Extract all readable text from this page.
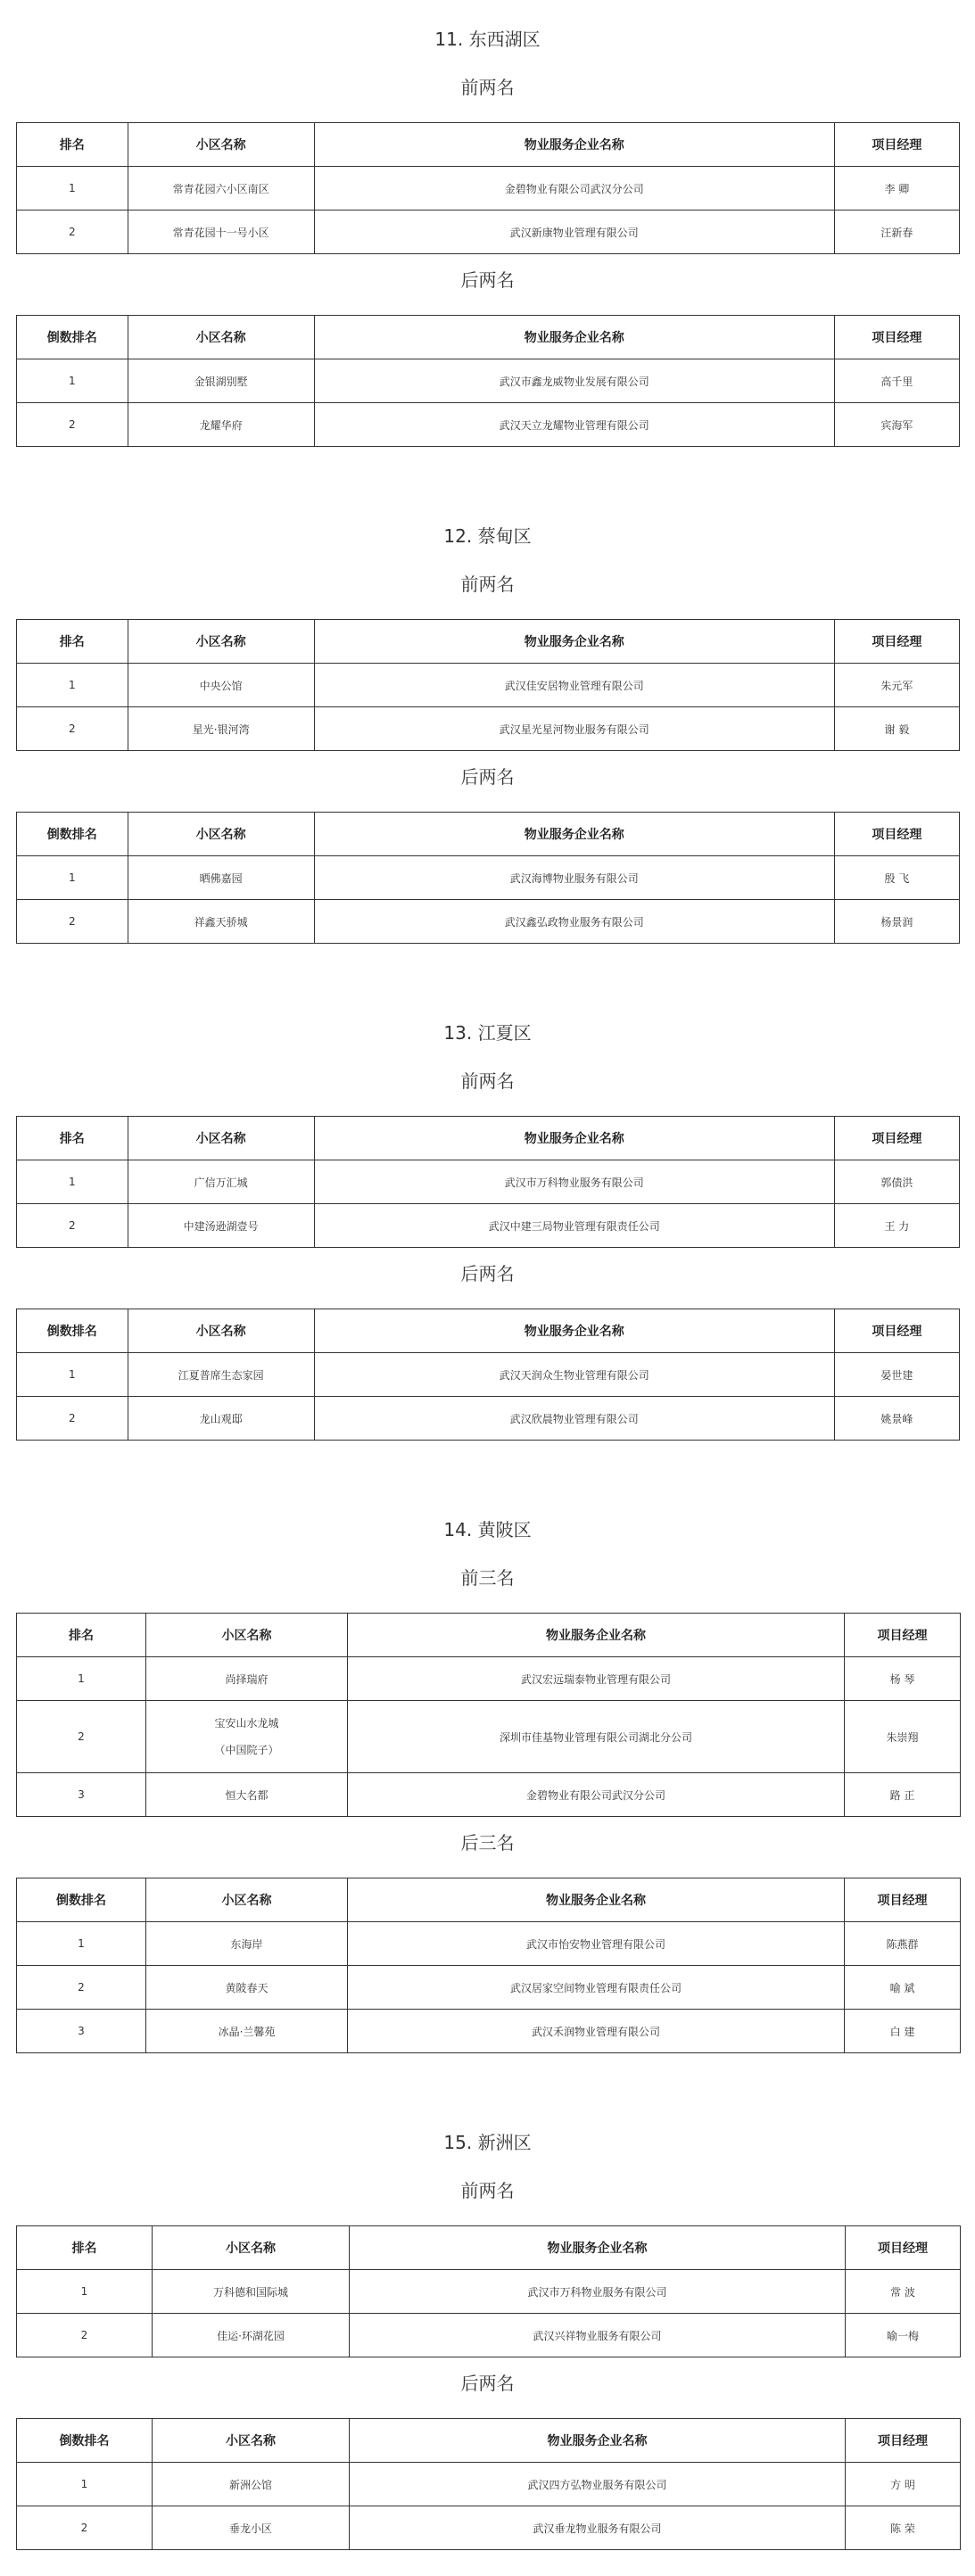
11. 东西湖区
前两名
排名	小区名称	物业服务企业名称	项目经理
1	常青花园六小区南区	金碧物业有限公司武汉分公司	李 卿
2	常青花园十一号小区	武汉新康物业管理有限公司	汪新春
后两名
倒数排名	小区名称	物业服务企业名称	项目经理
1	金银湖别墅	武汉市鑫龙威物业发展有限公司	高千里
2	龙耀华府	武汉天立龙耀物业管理有限公司	宾海军
12. 蔡甸区
前两名
排名	小区名称	物业服务企业名称	项目经理
1	中央公馆	武汉佳安居物业管理有限公司	朱元军
2	星光·银河湾	武汉星光星河物业服务有限公司	谢 毅
后两名
倒数排名	小区名称	物业服务企业名称	项目经理
1	晒佛嘉园	武汉海博物业服务有限公司	殷 飞
2	祥鑫天骄城	武汉鑫弘政物业服务有限公司	杨景润
13. 江夏区
前两名
排名	小区名称	物业服务企业名称	项目经理
1	广信万汇城	武汉市万科物业服务有限公司	郭债洪
2	中建汤逊湖壹号	武汉中建三局物业管理有限责任公司	王 力
后两名
倒数排名	小区名称	物业服务企业名称	项目经理
1	江夏普席生态家园	武汉天润众生物业管理有限公司	晏世建
2	龙山观邸	武汉欣晨物业管理有限公司	姚景峰
14. 黄陂区
前三名
排名	小区名称	物业服务企业名称	项目经理
1	尚择瑞府	武汉宏远瑞泰物业管理有限公司	杨 琴
2	宝安山水龙城
（中国院子）	深圳市佳基物业管理有限公司湖北分公司	朱崇翔
3	恒大名都	金碧物业有限公司武汉分公司	路 正
后三名
倒数排名	小区名称	物业服务企业名称	项目经理
1	东海岸	武汉市怡安物业管理有限公司	陈燕群
2	黄陂春天	武汉居家空间物业管理有限责任公司	喻 斌
3	冰晶·兰馨苑	武汉禾润物业管理有限公司	白 建
15. 新洲区
前两名
排名	小区名称	物业服务企业名称	项目经理
1	万科德和国际城	武汉市万科物业服务有限公司	常 波
2	佳运·环湖花园	武汉兴祥物业服务有限公司	喻一梅
后两名
倒数排名	小区名称	物业服务企业名称	项目经理
1	新洲公馆	武汉四方弘物业服务有限公司	方 明
2	垂龙小区	武汉垂龙物业服务有限公司	陈 荣
